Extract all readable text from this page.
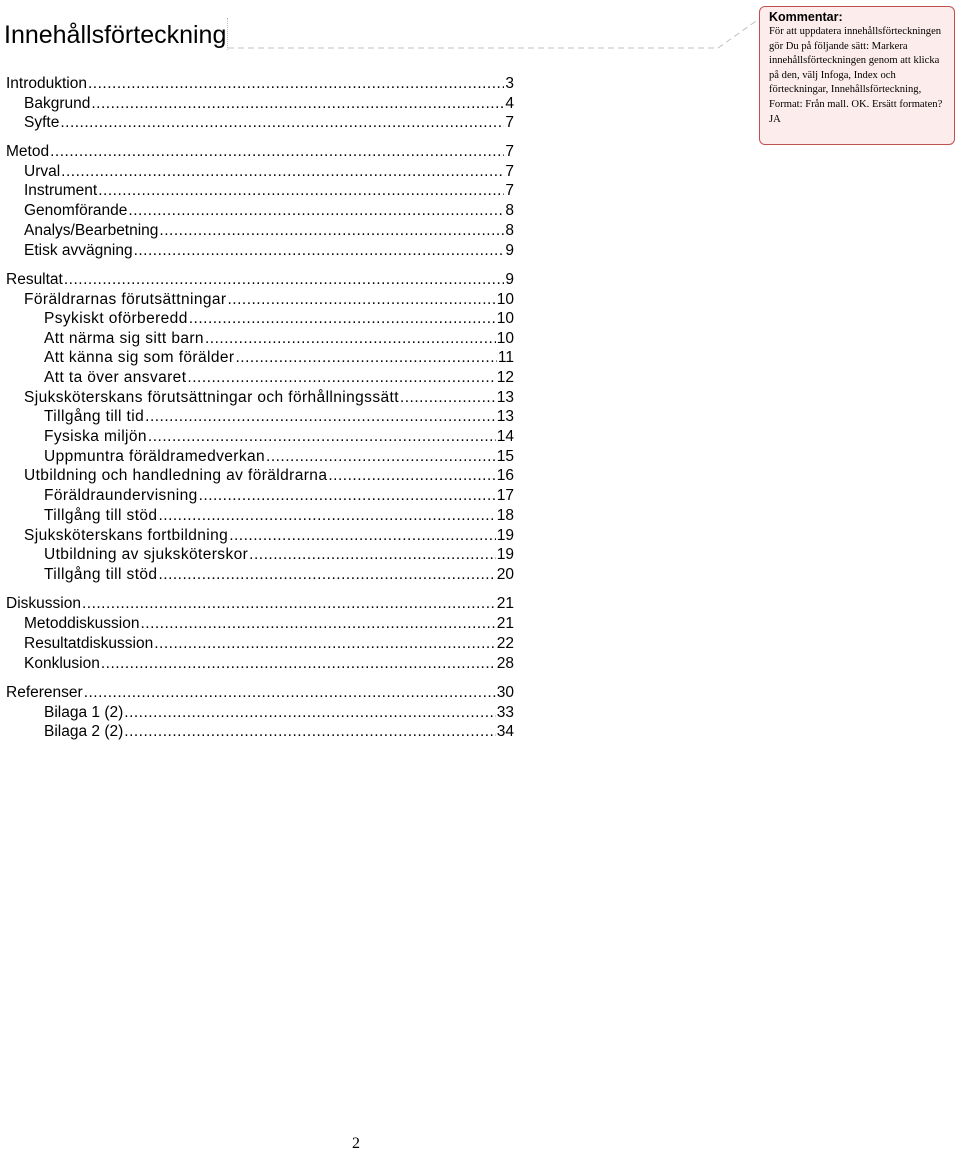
Innehållsförteckning
Introduktion .....	3
Bakgrund .....	4
Syfte .....	7
Metod .....	7
Urval .....	7
Instrument .....	7
Genomförande .....	8
Analys/Bearbetning .....	8
Etisk avvägning .....	9
Resultat .....	9
Föräldrarnas förutsättningar .....	10
Psykiskt oförberedd .....	10
Att närma sig sitt barn .....	10
Att känna sig som förälder .....	11
Att ta över ansvaret .....	12
Sjuksköterskans förutsättningar och förhållningssätt .....	13
Tillgång till tid .....	13
Fysiska miljön .....	14
Uppmuntra föräldramedverkan .....	15
Utbildning och handledning av föräldrarna .....	16
Föräldraundervisning .....	17
Tillgång till stöd .....	18
Sjuksköterskans fortbildning .....	19
Utbildning av sjuksköterskor .....	19
Tillgång till stöd .....	20
Diskussion .....	21
Metoddiskussion .....	21
Resultatdiskussion .....	22
Konklusion .....	28
Referenser .....	30
Bilaga 1 (2) .....	33
Bilaga 2 (2) .....	34
Kommentar:
För att uppdatera innehållsförteckningen gör Du på följande sätt: Markera innehållsförteckningen genom att klicka på den, välj Infoga, Index och förteckningar, Innehållsförteckning, Format: Från mall. OK. Ersätt formaten? JA
2
